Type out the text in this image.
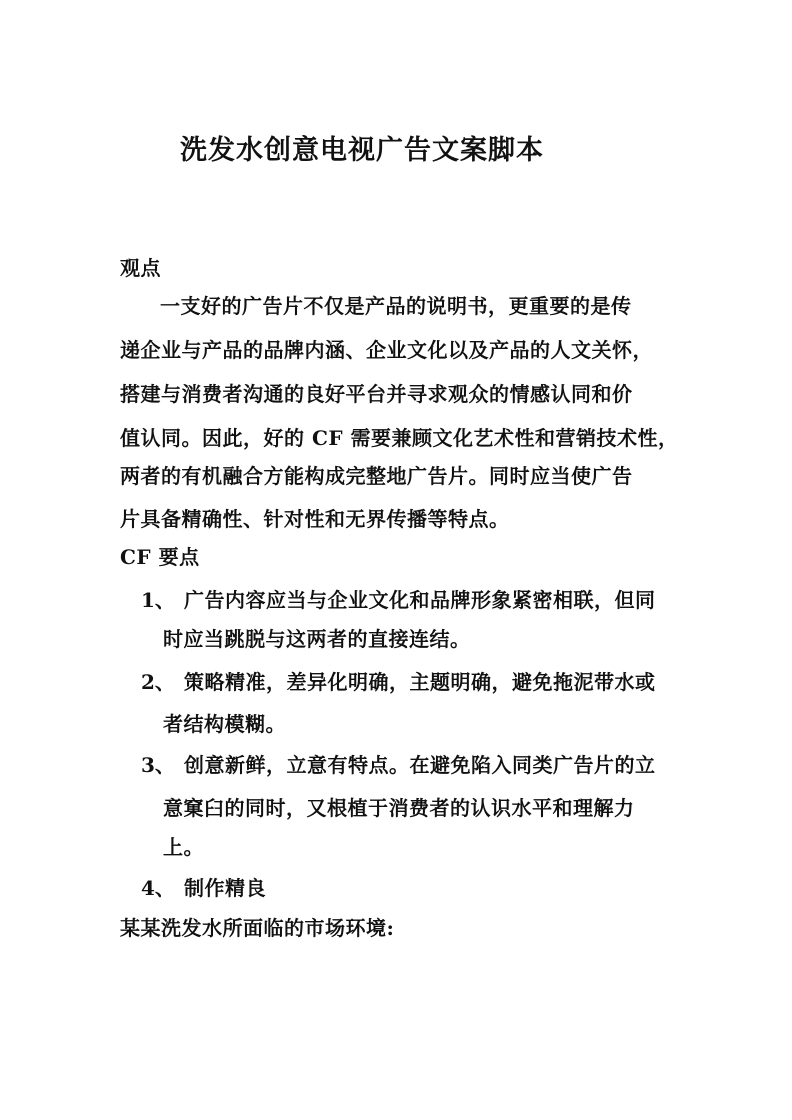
洗发水创意电视广告文案脚本
观点
一支好的广告片不仅是产品的说明书，更重要的是传
递企业与产品的品牌内涵、企业文化以及产品的人文关怀，
搭建与消费者沟通的良好平台并寻求观众的情感认同和价
值认同。因此，好的 CF 需要兼顾文化艺术性和营销技术性，
两者的有机融合方能构成完整地广告片。同时应当使广告
片具备精确性、针对性和无界传播等特点。
CF 要点
1、 广告内容应当与企业文化和品牌形象紧密相联，但同
时应当跳脱与这两者的直接连结。
2、 策略精准，差异化明确，主题明确，避免拖泥带水或
者结构模糊。
3、 创意新鲜，立意有特点。在避免陷入同类广告片的立
意窠臼的同时，又根植于消费者的认识水平和理解力
上。
4、 制作精良
某某洗发水所面临的市场环境:
